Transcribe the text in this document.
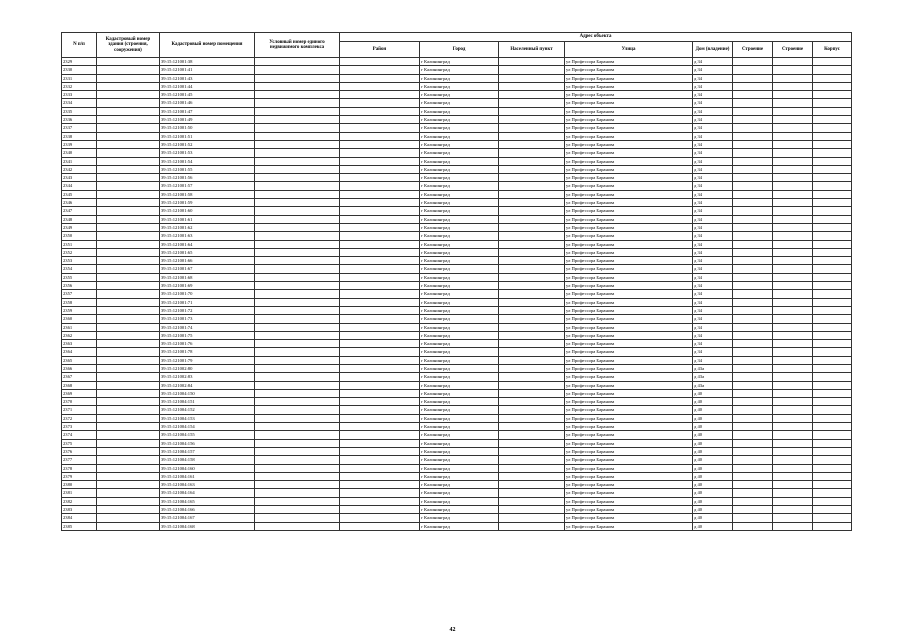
N п/п	Кадастровый номер здания (строения, сооружения)	Кадастровый номер помещения	Условный номер единого недвижимого комплекса	Адрес объекта							
				Район	Город	Населенный пункт	Улица	Дом (владение)	Строение	Строение	Корпус
2329		39:15:121001:38			г Калининград		ул Профессора Баранова	д 34			
2330		39:15:121001:41			г Калининград		ул Профессора Баранова	д 34			
2331		39:15:121001:43			г Калининград		ул Профессора Баранова	д 34			
2332		39:15:121001:44			г Калининград		ул Профессора Баранова	д 34			
2333		39:15:121001:45			г Калининград		ул Профессора Баранова	д 34			
2334		39:15:121001:46			г Калининград		ул Профессора Баранова	д 34			
2335		39:15:121001:47			г Калининград		ул Профессора Баранова	д 34			
2336		39:15:121001:49			г Калининград		ул Профессора Баранова	д 34			
2337		39:15:121001:50			г Калининград		ул Профессора Баранова	д 34			
2338		39:15:121001:51			г Калининград		ул Профессора Баранова	д 34			
2339		39:15:121001:52			г Калининград		ул Профессора Баранова	д 34			
2340		39:15:121001:53			г Калининград		ул Профессора Баранова	д 34			
2341		39:15:121001:54			г Калининград		ул Профессора Баранова	д 34			
2342		39:15:121001:55			г Калининград		ул Профессора Баранова	д 34			
2343		39:15:121001:56			г Калининград		ул Профессора Баранова	д 34			
2344		39:15:121001:57			г Калининград		ул Профессора Баранова	д 34			
2345		39:15:121001:58			г Калининград		ул Профессора Баранова	д 34			
2346		39:15:121001:59			г Калининград		ул Профессора Баранова	д 34			
2347		39:15:121001:60			г Калининград		ул Профессора Баранова	д 34			
2348		39:15:121001:61			г Калининград		ул Профессора Баранова	д 34			
2349		39:15:121001:62			г Калининград		ул Профессора Баранова	д 34			
2350		39:15:121001:63			г Калининград		ул Профессора Баранова	д 34			
2351		39:15:121001:64			г Калининград		ул Профессора Баранова	д 34			
2352		39:15:121001:65			г Калининград		ул Профессора Баранова	д 34			
2353		39:15:121001:66			г Калининград		ул Профессора Баранова	д 34			
2354		39:15:121001:67			г Калининград		ул Профессора Баранова	д 34			
2355		39:15:121001:68			г Калининград		ул Профессора Баранова	д 34			
2356		39:15:121001:69			г Калининград		ул Профессора Баранова	д 34			
2357		39:15:121001:70			г Калининград		ул Профессора Баранова	д 34			
2358		39:15:121001:71			г Калининград		ул Профессора Баранова	д 34			
2359		39:15:121001:72			г Калининград		ул Профессора Баранова	д 34			
2360		39:15:121001:73			г Калининград		ул Профессора Баранова	д 34			
2361		39:15:121001:74			г Калининград		ул Профессора Баранова	д 34			
2362		39:15:121001:75			г Калининград		ул Профессора Баранова	д 34			
2363		39:15:121001:76			г Калининград		ул Профессора Баранова	д 34			
2364		39:15:121001:78			г Калининград		ул Профессора Баранова	д 34			
2365		39:15:121001:79			г Калининград		ул Профессора Баранова	д 34			
2366		39:15:121002:80			г Калининград		ул Профессора Баранова	д 43а			
2367		39:15:121002:83			г Калининград		ул Профессора Баранова	д 43а			
2368		39:15:121002:84			г Калининград		ул Профессора Баранова	д 43а			
2369		39:15:121004:150			г Калининград		ул Профессора Баранова	д 40			
2370		39:15:121004:151			г Калининград		ул Профессора Баранова	д 40			
2371		39:15:121004:152			г Калининград		ул Профессора Баранова	д 40			
2372		39:15:121004:153			г Калининград		ул Профессора Баранова	д 40			
2373		39:15:121004:154			г Калининград		ул Профессора Баранова	д 40			
2374		39:15:121004:155			г Калининград		ул Профессора Баранова	д 40			
2375		39:15:121004:156			г Калининград		ул Профессора Баранова	д 40			
2376		39:15:121004:157			г Калининград		ул Профессора Баранова	д 40			
2377		39:15:121004:158			г Калининград		ул Профессора Баранова	д 40			
2378		39:15:121004:160			г Калининград		ул Профессора Баранова	д 40			
2379		39:15:121004:161			г Калининград		ул Профессора Баранова	д 40			
2380		39:15:121004:163			г Калининград		ул Профессора Баранова	д 40			
2381		39:15:121004:164			г Калининград		ул Профессора Баранова	д 40			
2382		39:15:121004:165			г Калининград		ул Профессора Баранова	д 40			
2383		39:15:121004:166			г Калининград		ул Профессора Баранова	д 40			
2384		39:15:121004:167			г Калининград		ул Профессора Баранова	д 40			
2385		39:15:121004:168			г Калининград		ул Профессора Баранова	д 40			
42
